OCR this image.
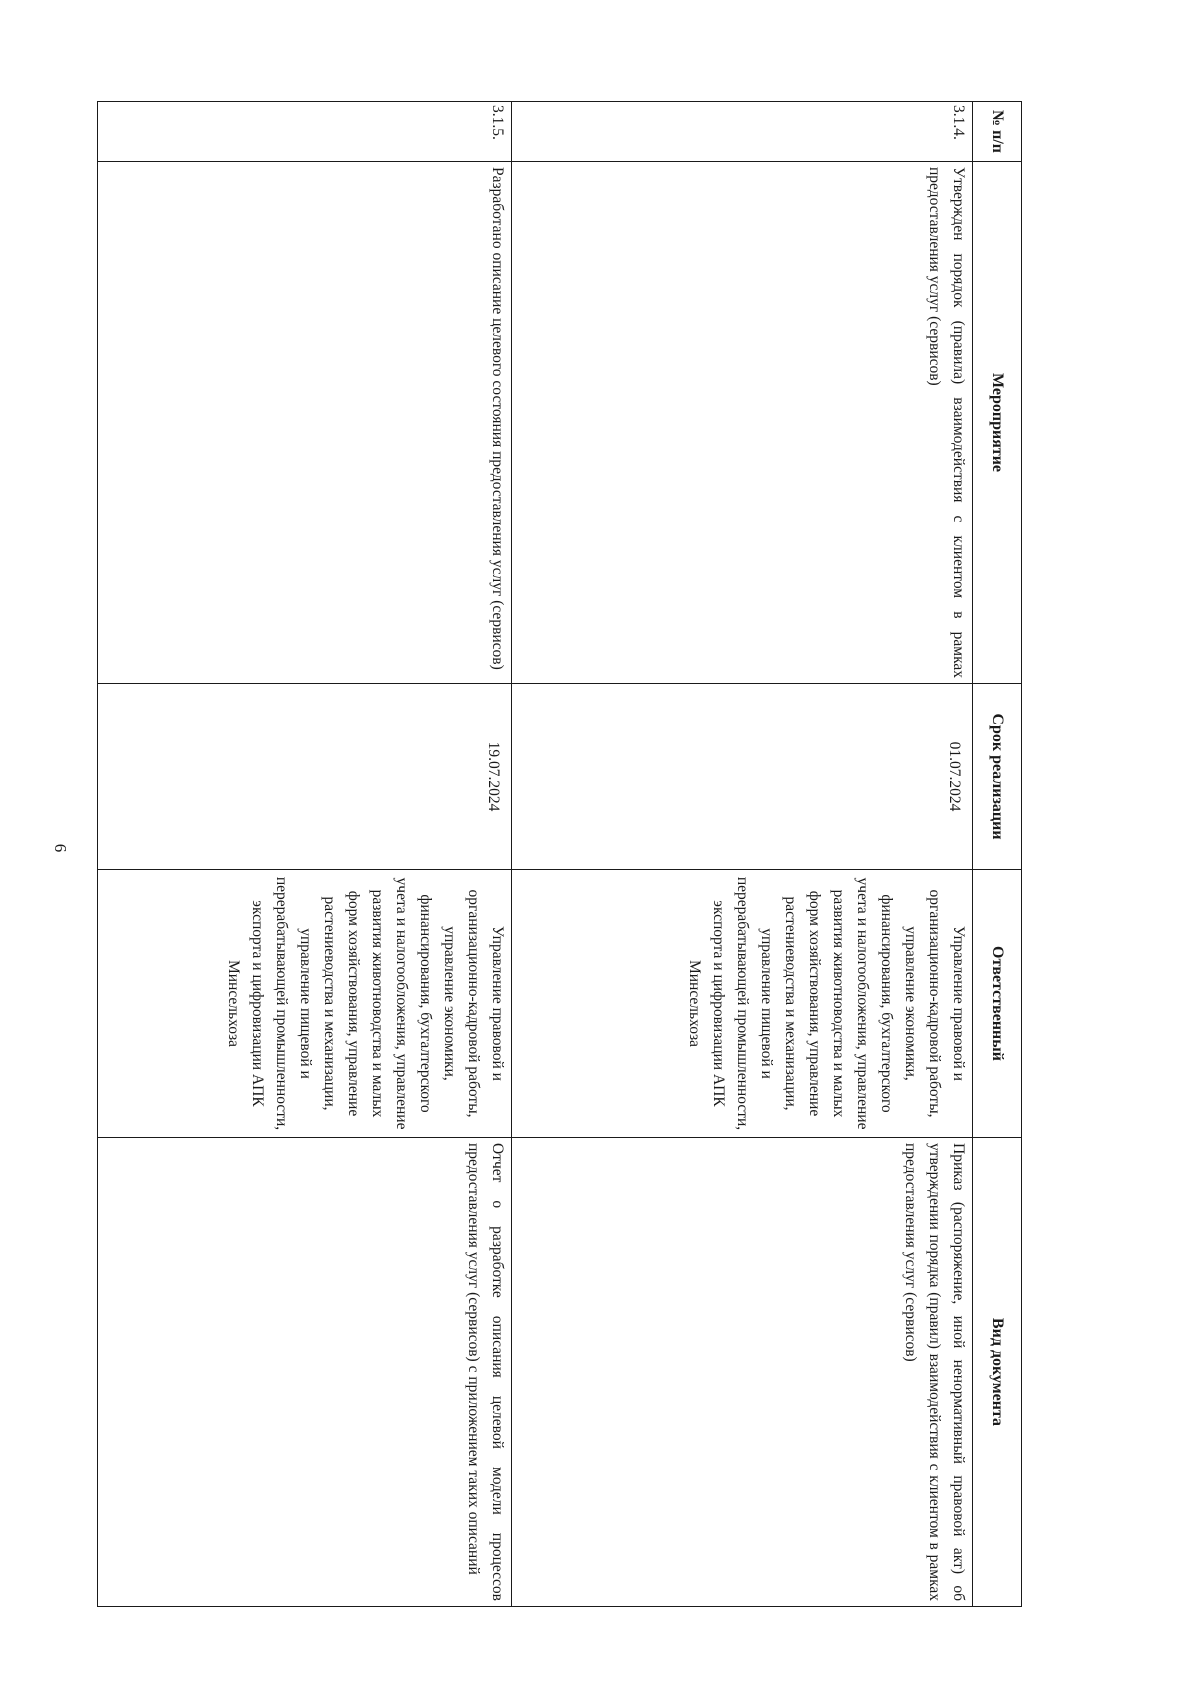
6
№ п/п	Мероприятие	Срок реализации	Ответственный	Вид документа
3.1.4.	Утвержден порядок (правила) взаимодействия с клиентом в рамках предоставления услуг (сервисов)	01.07.2024	Управление правовой и организационно-кадровой работы, управление экономики, финансирования, бухгалтерского учета и налогообложения, управление развития животноводства и малых форм хозяйствования, управление растениеводства и механизации, управление пищевой и перерабатывающей промышленности, экспорта и цифровизации АПК Минсельхоза	Приказ (распоряжение, иной ненормативный правовой акт) об утверждении порядка (правил) взаимодействия с клиентом в рамках предоставления услуг (сервисов)
3.1.5.	Разработано описание целевого состояния предоставления услуг (сервисов)	19.07.2024	Управление правовой и организационно-кадровой работы, управление экономики, финансирования, бухгалтерского учета и налогообложения, управление развития животноводства и малых форм хозяйствования, управление растениеводства и механизации, управление пищевой и перерабатывающей промышленности, экспорта и цифровизации АПК Минсельхоза	Отчет о разработке описания целевой модели процессов предоставления услуг (сервисов) с приложением таких описаний
